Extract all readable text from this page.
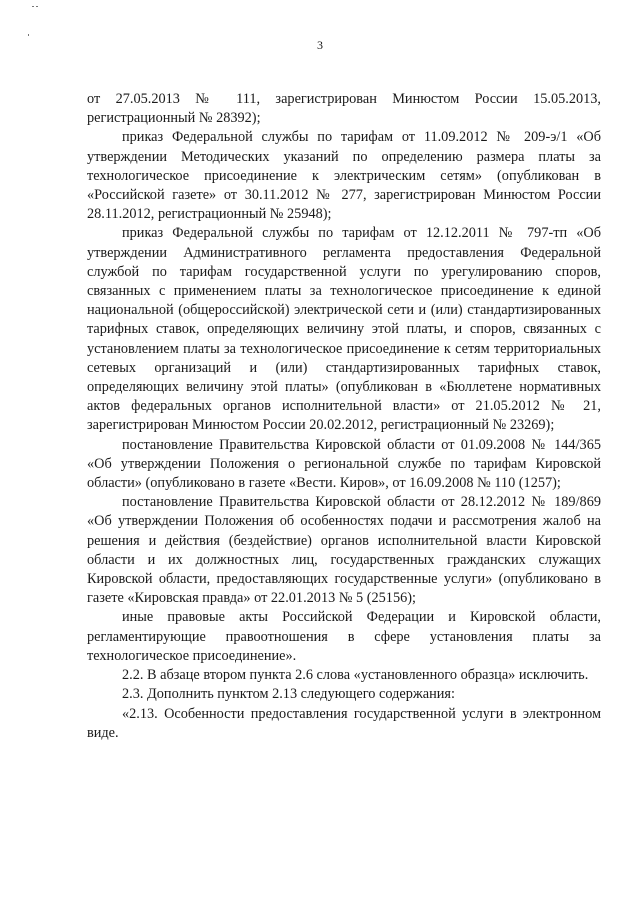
3

от 27.05.2013 № 111, зарегистрирован Минюстом России 15.05.2013, регистрационный № 28392);

приказ Федеральной службы по тарифам от 11.09.2012 № 209-э/1 «Об утверждении Методических указаний по определению размера платы за технологическое присоединение к электрическим сетям» (опубликован в «Российской газете» от 30.11.2012 № 277, зарегистрирован Минюстом России 28.11.2012, регистрационный № 25948);

приказ Федеральной службы по тарифам от 12.12.2011 № 797-тп «Об утверждении Административного регламента предоставления Федеральной службой по тарифам государственной услуги по урегулированию споров, связанных с применением платы за технологическое присоединение к единой национальной (общероссийской) электрической сети и (или) стандартизированных тарифных ставок, определяющих величину этой платы, и споров, связанных с установлением платы за технологическое присоединение к сетям территориальных сетевых организаций и (или) стандартизированных тарифных ставок, определяющих величину этой платы» (опубликован в «Бюллетене нормативных актов федеральных органов исполнительной власти» от 21.05.2012 № 21, зарегистрирован Минюстом России 20.02.2012, регистрационный № 23269);

постановление Правительства Кировской области от 01.09.2008 № 144/365 «Об утверждении Положения о региональной службе по тарифам Кировской области» (опубликовано в газете «Вести. Киров», от 16.09.2008 № 110 (1257);

постановление Правительства Кировской области от 28.12.2012 № 189/869 «Об утверждении Положения об особенностях подачи и рассмотрения жалоб на решения и действия (бездействие) органов исполнительной власти Кировской области и их должностных лиц, государственных гражданских служащих Кировской области, предоставляющих государственные услуги» (опубликовано в газете «Кировская правда» от 22.01.2013 № 5 (25156);

иные правовые акты Российской Федерации и Кировской области, регламентирующие правоотношения в сфере установления платы за технологическое присоединение».

2.2. В абзаце втором пункта 2.6 слова «установленного образца» исключить.

2.3. Дополнить пунктом 2.13 следующего содержания:

«2.13. Особенности предоставления государственной услуги в электронном виде.
